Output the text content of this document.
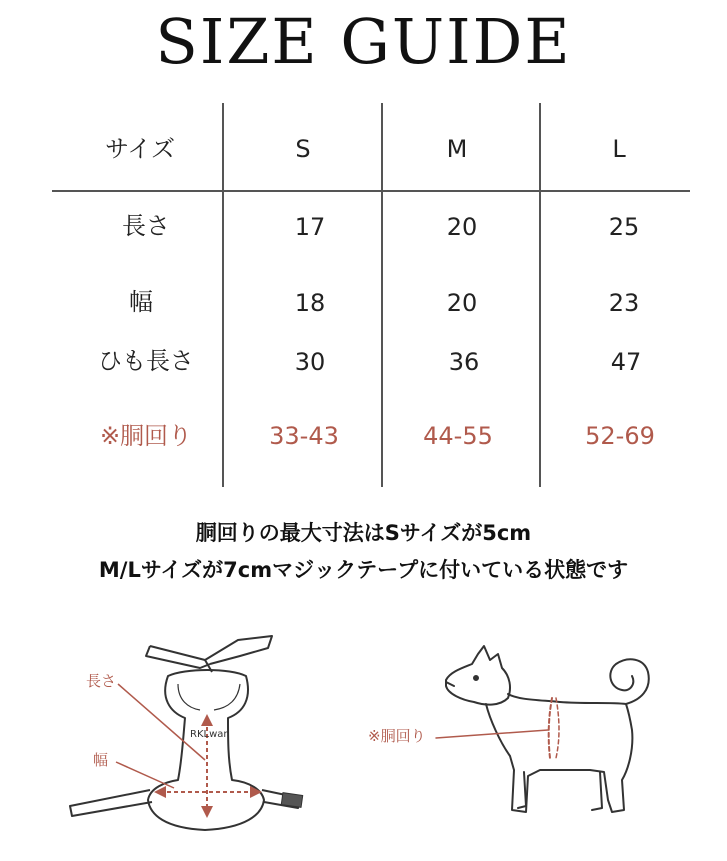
SIZE GUIDE
サイズ	S	M	L
長さ	17	20	25
幅	18	20	23
ひも長さ	30	36	47
※胴回り	33-43	44-55	52-69
胴回りの最大寸法はSサイズが5cm
M/Lサイズが7cmマジックテープに付いている状態です
長さ
幅
RKLwan	※胴回り
